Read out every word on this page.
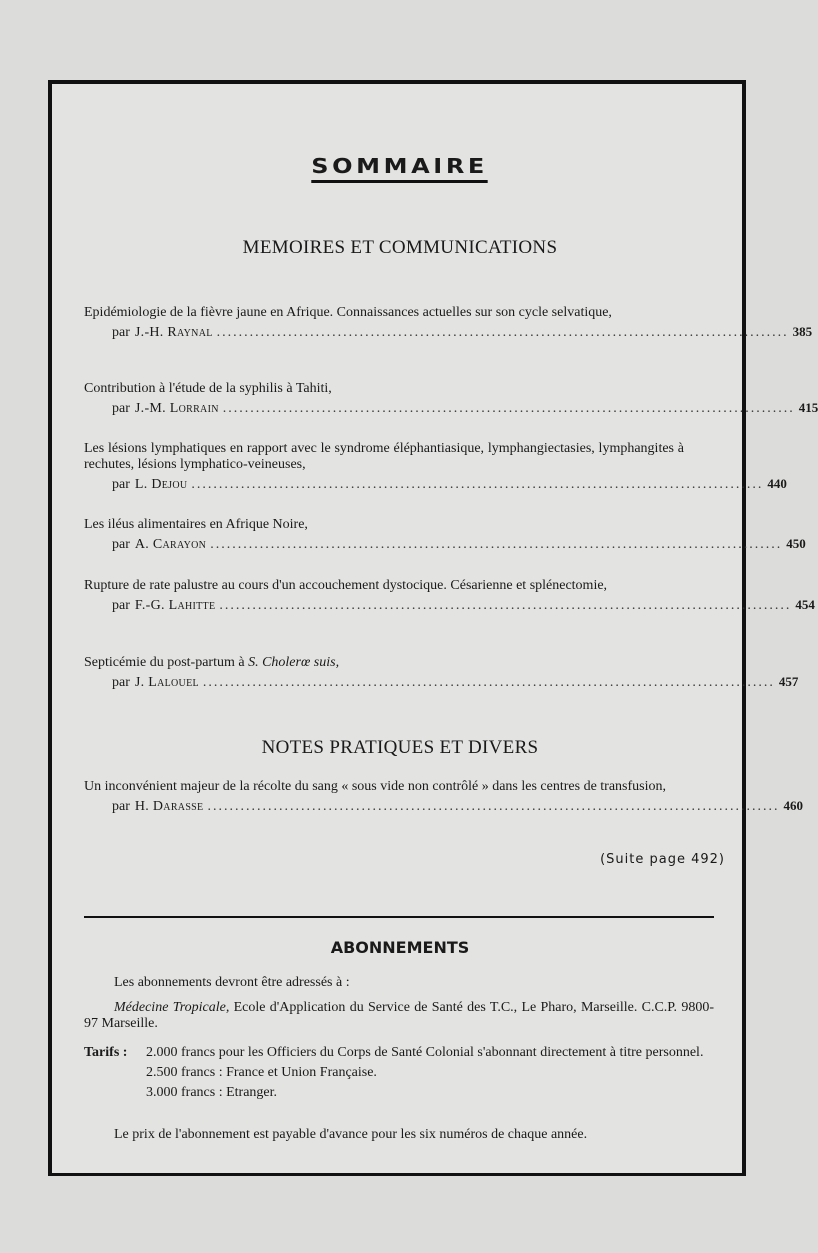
SOMMAIRE
MEMOIRES ET COMMUNICATIONS
Epidémiologie de la fièvre jaune en Afrique. Connaissances actuelles sur son cycle selvatique,
par J.-H. Raynal ........................................................................................................ 385
Contribution à l'étude de la syphilis à Tahiti,
par J.-M. Lorrain ........................................................................................................ 415
Les lésions lymphatiques en rapport avec le syndrome éléphantiasique, lymphangiectasies, lymphangites à rechutes, lésions lymphatico-veineuses,
par L. Dejou ........................................................................................................ 440
Les iléus alimentaires en Afrique Noire,
par A. Carayon ........................................................................................................ 450
Rupture de rate palustre au cours d'un accouchement dystocique. Césarienne et splénectomie,
par F.-G. Lahitte ........................................................................................................ 454
Septicémie du post-partum à S. Cholerœ suis,
par J. Lalouel ........................................................................................................ 457
NOTES PRATIQUES ET DIVERS
Un inconvénient majeur de la récolte du sang « sous vide non contrôlé » dans les centres de transfusion,
par H. Darasse ........................................................................................................ 460
(Suite page 492)
ABONNEMENTS
Les abonnements devront être adressés à :
Médecine Tropicale, Ecole d'Application du Service de Santé des T.C., Le Pharo, Marseille. C.C.P. 9800-97 Marseille.
Tarifs :	2.000 francs pour les Officiers du Corps de Santé Colonial s'abonnant directement à titre personnel.
2.500 francs : France et Union Française.
3.000 francs : Etranger.
Le prix de l'abonnement est payable d'avance pour les six numéros de chaque année.
